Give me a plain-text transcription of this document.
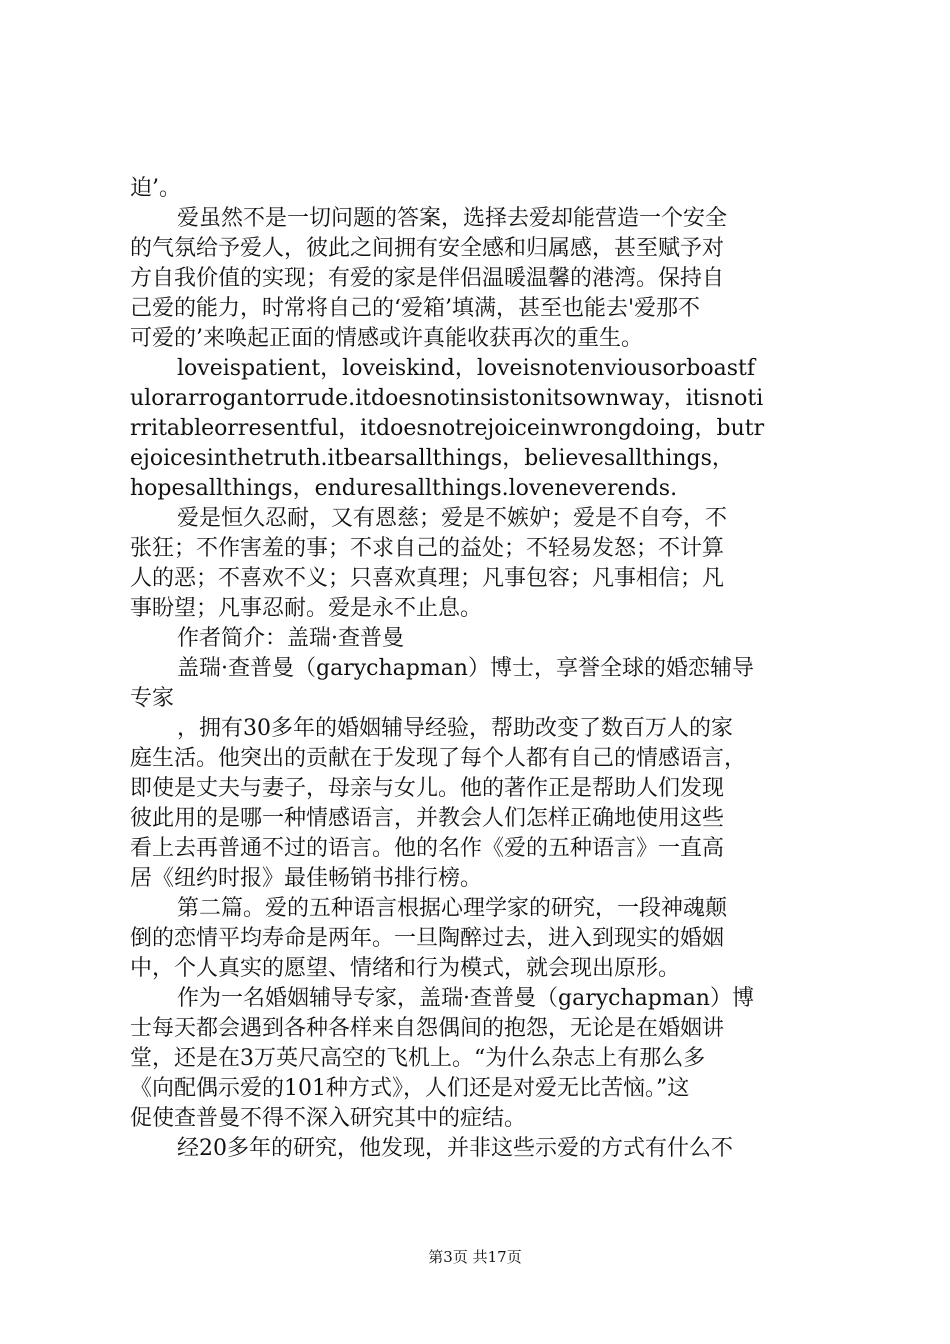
迫’。
爱虽然不是一切问题的答案，选择去爱却能营造一个安全
的气氛给予爱人，彼此之间拥有安全感和归属感，甚至赋予对
方自我价值的实现；有爱的家是伴侣温暖温馨的港湾。保持自
己爱的能力，时常将自己的‘爱箱’填满，甚至也能去'爱那不
可爱的’来唤起正面的情感或许真能收获再次的重生。
loveispatient，loveiskind，loveisnotenviousorboastf
ulorarrogantorrude.itdoesnotinsistonitsownway，itisnoti
rritableorresentful，itdoesnotrejoiceinwrongdoing，butr
ejoicesinthetruth.itbearsallthings，believesallthings，
hopesallthings，enduresallthings.loveneverends.
爱是恒久忍耐，又有恩慈；爱是不嫉妒；爱是不自夸，不
张狂；不作害羞的事；不求自己的益处；不轻易发怒；不计算
人的恶；不喜欢不义；只喜欢真理；凡事包容；凡事相信；凡
事盼望；凡事忍耐。爱是永不止息。
作者简介：盖瑞·查普曼
盖瑞·查普曼（garychapman）博士，享誉全球的婚恋辅导
专家
，拥有30多年的婚姻辅导经验，帮助改变了数百万人的家
庭生活。他突出的贡献在于发现了每个人都有自己的情感语言，
即使是丈夫与妻子，母亲与女儿。他的著作正是帮助人们发现
彼此用的是哪一种情感语言，并教会人们怎样正确地使用这些
看上去再普通不过的语言。他的名作《爱的五种语言》一直高
居《纽约时报》最佳畅销书排行榜。
第二篇。爱的五种语言根据心理学家的研究，一段神魂颠
倒的恋情平均寿命是两年。一旦陶醉过去，进入到现实的婚姻
中，个人真实的愿望、情绪和行为模式，就会现出原形。
作为一名婚姻辅导专家，盖瑞·查普曼（garychapman）博
士每天都会遇到各种各样来自怨偶间的抱怨，无论是在婚姻讲
堂，还是在3万英尺高空的飞机上。“为什么杂志上有那么多
《向配偶示爱的101种方式》，人们还是对爱无比苦恼。”这
促使查普曼不得不深入研究其中的症结。
经20多年的研究，他发现，并非这些示爱的方式有什么不
第3页 共17页
